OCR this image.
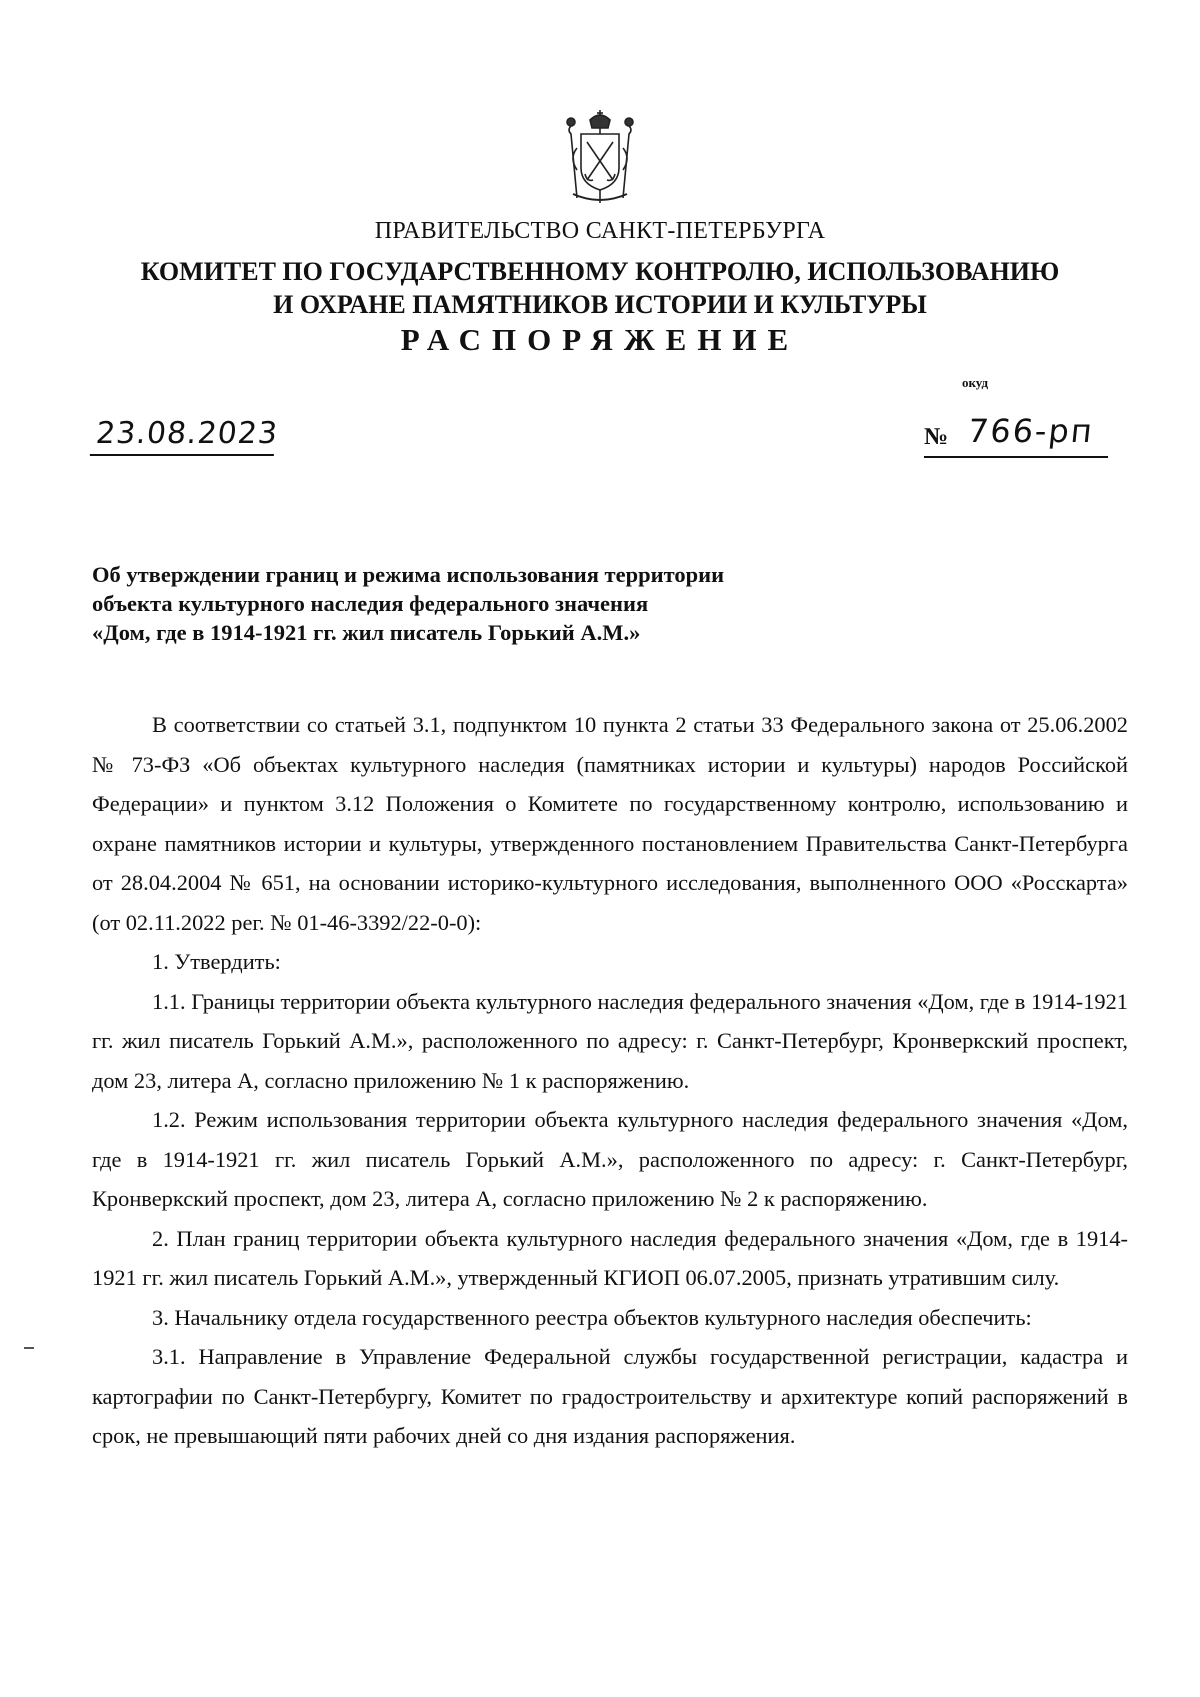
ПРАВИТЕЛЬСТВО САНКТ-ПЕТЕРБУРГА
КОМИТЕТ ПО ГОСУДАРСТВЕННОМУ КОНТРОЛЮ, ИСПОЛЬЗОВАНИЮ
И ОХРАНЕ ПАМЯТНИКОВ ИСТОРИИ И КУЛЬТУРЫ
РАСПОРЯЖЕНИЕ
окуд
23.08.2023	№ 766-рп
Об утверждении границ и режима использования территории
объекта культурного наследия федерального значения
«Дом, где в 1914-1921 гг. жил писатель Горький А.М.»

В соответствии со статьей 3.1, подпунктом 10 пункта 2 статьи 33 Федерального закона от 25.06.2002 № 73-ФЗ «Об объектах культурного наследия (памятниках истории и культуры) народов Российской Федерации» и пунктом 3.12 Положения о Комитете по государственному контролю, использованию и охране памятников истории и культуры, утвержденного постановлением Правительства Санкт-Петербурга от 28.04.2004 № 651, на основании историко-культурного исследования, выполненного ООО «Росскарта» (от 02.11.2022 рег. № 01-46-3392/22-0-0):

1. Утвердить:

1.1. Границы территории объекта культурного наследия федерального значения «Дом, где в 1914-1921 гг. жил писатель Горький А.М.», расположенного по адресу: г. Санкт-Петербург, Кронверкский проспект, дом 23, литера А, согласно приложению № 1 к распоряжению.

1.2. Режим использования территории объекта культурного наследия федерального значения «Дом, где в 1914-1921 гг. жил писатель Горький А.М.», расположенного по адресу: г. Санкт-Петербург, Кронверкский проспект, дом 23, литера А, согласно приложению № 2 к распоряжению.

2. План границ территории объекта культурного наследия федерального значения «Дом, где в 1914-1921 гг. жил писатель Горький А.М.», утвержденный КГИОП 06.07.2005, признать утратившим силу.

3. Начальнику отдела государственного реестра объектов культурного наследия обеспечить:

3.1. Направление в Управление Федеральной службы государственной регистрации, кадастра и картографии по Санкт-Петербургу, Комитет по градостроительству и архитектуре копий распоряжений в срок, не превышающий пяти рабочих дней со дня издания распоряжения.
